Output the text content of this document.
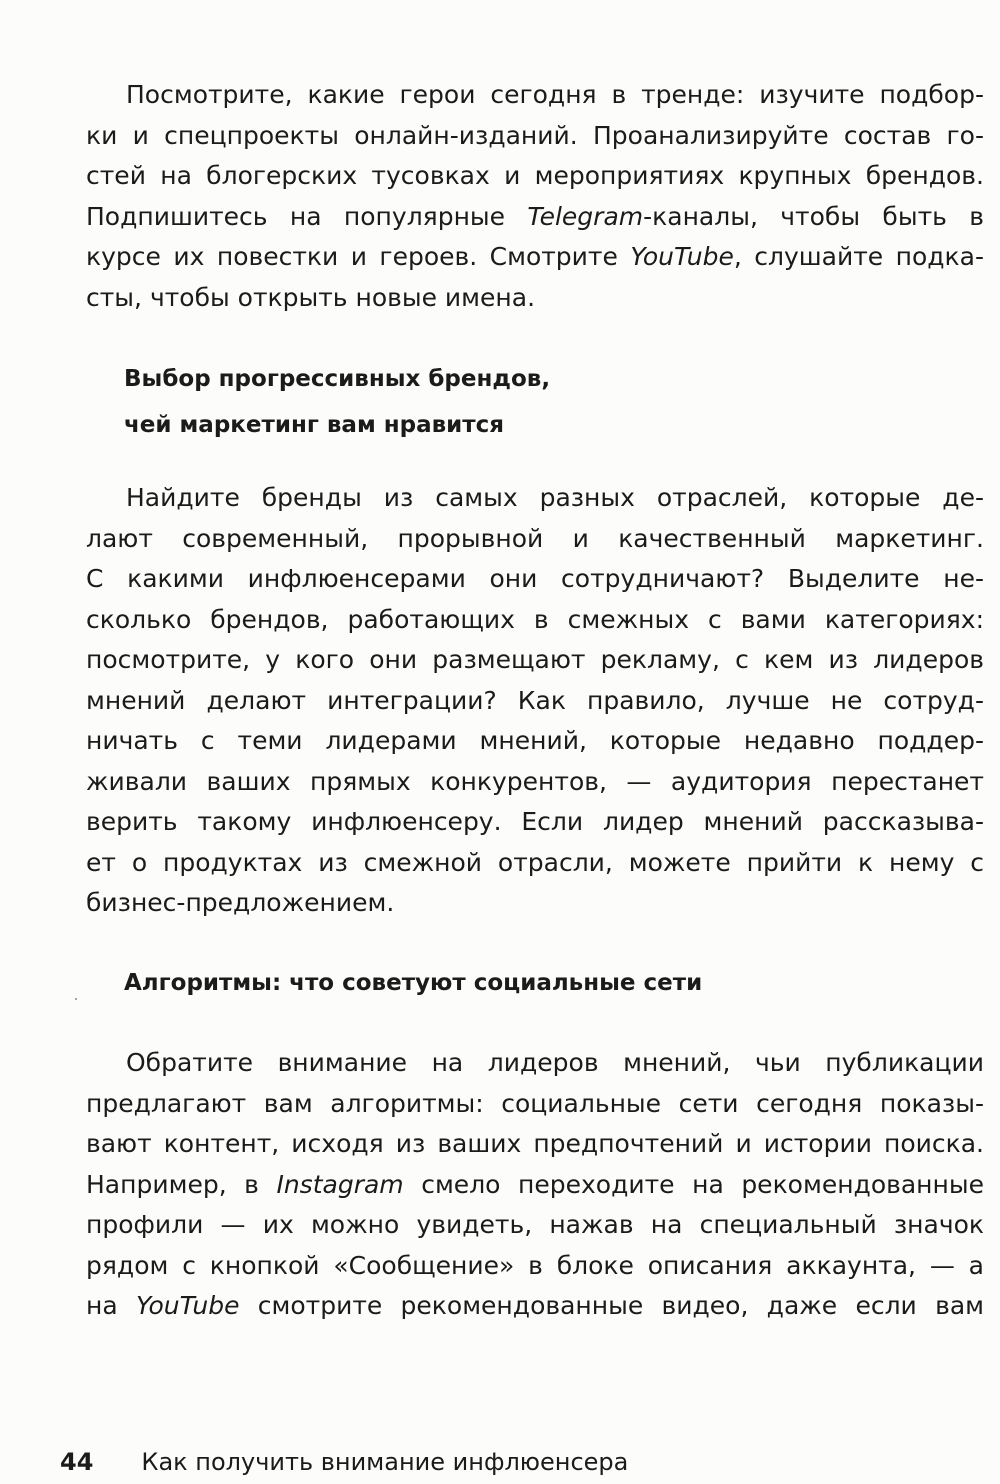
Посмотрите, какие герои сегодня в тренде: изучите подбор-
ки и спецпроекты онлайн-изданий. Проанализируйте состав го-
стей на блогерских тусовках и мероприятиях крупных брендов.
Подпишитесь на популярные Telegram-каналы, чтобы быть в
курсе их повестки и героев. Смотрите YouTube, слушайте подка-
сты, чтобы открыть новые имена.
Выбор прогрессивных брендов,
чей маркетинг вам нравится
Найдите бренды из самых разных отраслей, которые де-
лают современный, прорывной и качественный маркетинг.
С какими инфлюенсерами они сотрудничают? Выделите не-
сколько брендов, работающих в смежных с вами категориях:
посмотрите, у кого они размещают рекламу, с кем из лидеров
мнений делают интеграции? Как правило, лучше не сотруд-
ничать с теми лидерами мнений, которые недавно поддер-
живали ваших прямых конкурентов, — аудитория перестанет
верить такому инфлюенсеру. Если лидер мнений рассказыва-
ет о продуктах из смежной отрасли, можете прийти к нему с
бизнес-предложением.
Алгоритмы: что советуют социальные сети
Обратите внимание на лидеров мнений, чьи публикации
предлагают вам алгоритмы: социальные сети сегодня показы-
вают контент, исходя из ваших предпочтений и истории поиска.
Например, в Instagram смело переходите на рекомендованные
профили — их можно увидеть, нажав на специальный значок
рядом с кнопкой «Сообщение» в блоке описания аккаунта, — а
на YouTube смотрите рекомендованные видео, даже если вам
44 Как получить внимание инфлюенсера
